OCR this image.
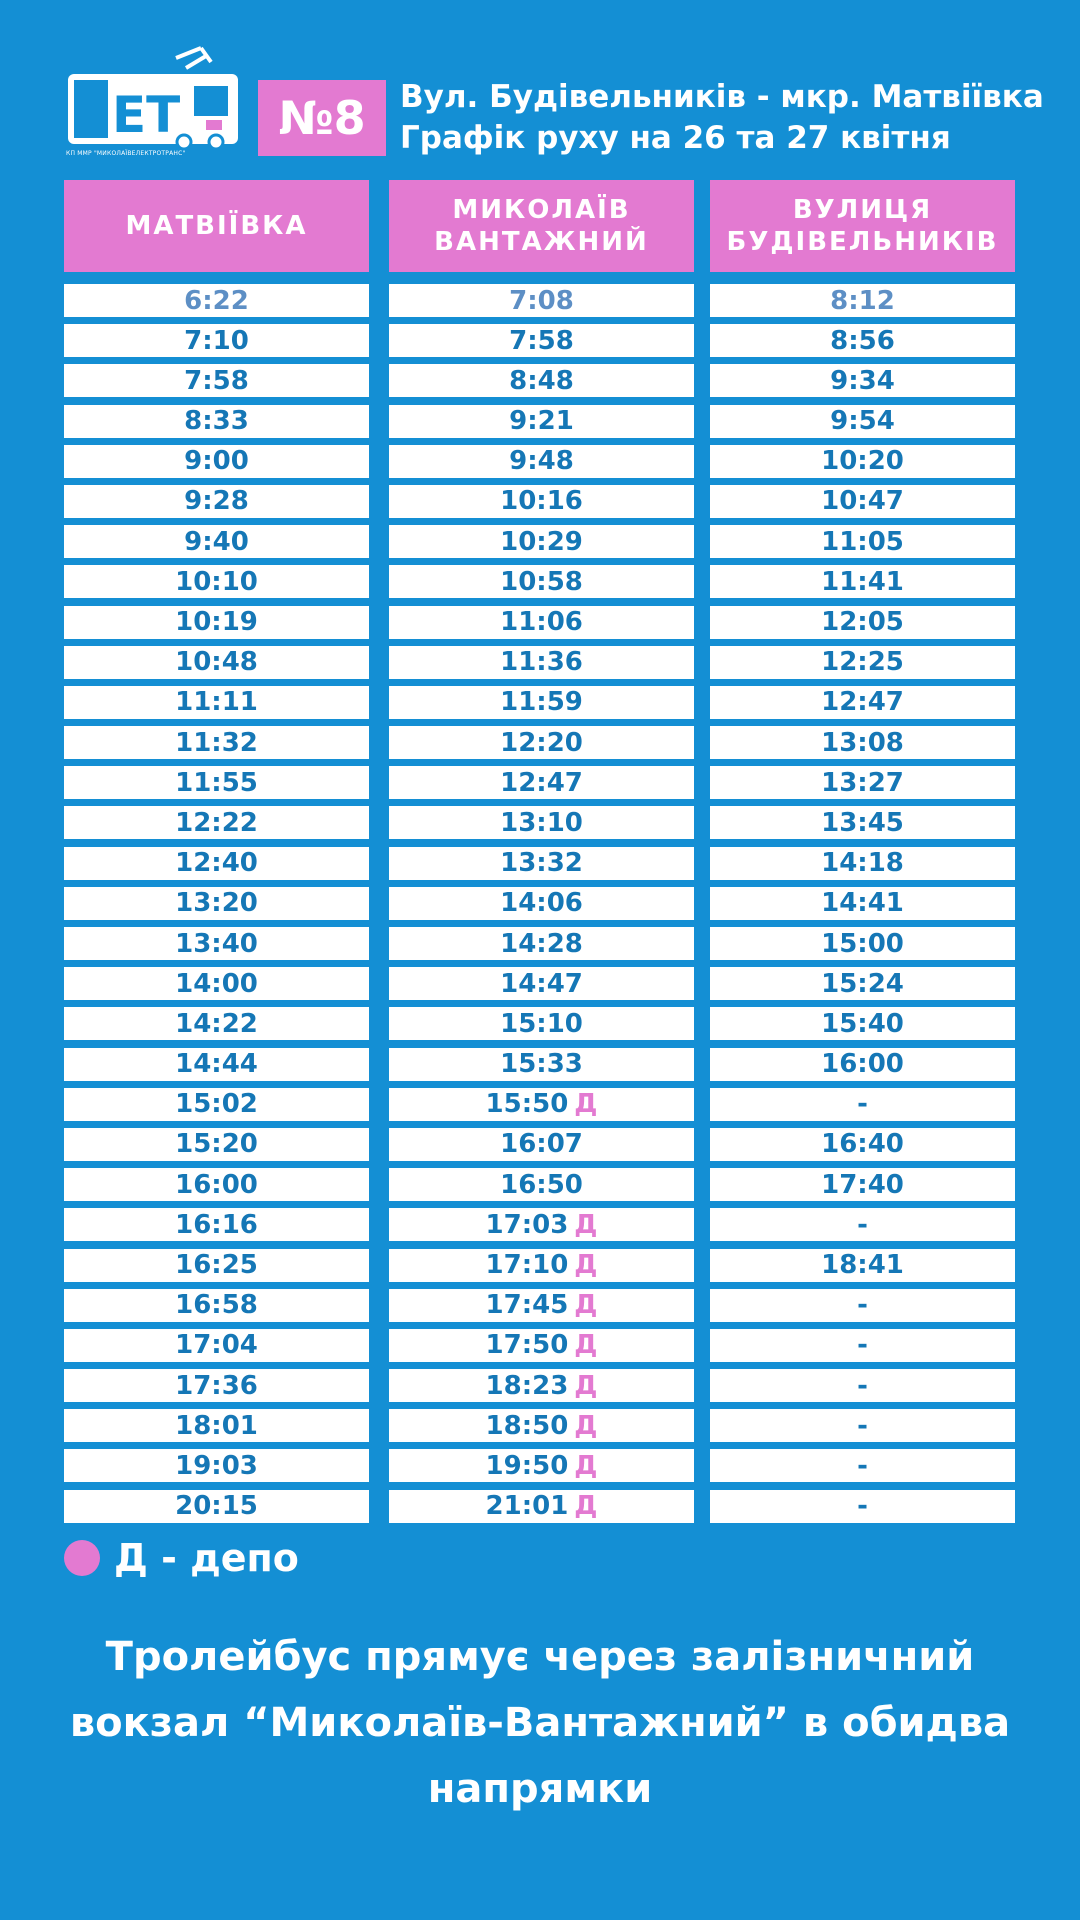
ЕТ
КП ММР "МИКОЛАЇВЕЛЕКТРОТРАНС"
№8	Вул. Будівельників - мкр. Матвіївка
Графік руху на 26 та 27 квітня
МАТВІЇВКА
6:22
7:10
7:58
8:33
9:00
9:28
9:40
10:10
10:19
10:48
11:11
11:32
11:55
12:22
12:40
13:20
13:40
14:00
14:22
14:44
15:02
15:20
16:00
16:16
16:25
16:58
17:04
17:36
18:01
19:03
20:15
МИКОЛАЇВ
ВАНТАЖНИЙ
7:08
7:58
8:48
9:21
9:48
10:16
10:29
10:58
11:06
11:36
11:59
12:20
12:47
13:10
13:32
14:06
14:28
14:47
15:10
15:33
15:50 Д
16:07
16:50
17:03 Д
17:10 Д
17:45 Д
17:50 Д
18:23 Д
18:50 Д
19:50 Д
21:01 Д
ВУЛИЦЯ
БУДІВЕЛЬНИКІВ
8:12
8:56
9:34
9:54
10:20
10:47
11:05
11:41
12:05
12:25
12:47
13:08
13:27
13:45
14:18
14:41
15:00
15:24
15:40
16:00
-
16:40
17:40
-
18:41
-
-
-
-
-
-
Д - депо
Тролейбус прямує через залізничний вокзал “Миколаїв-Вантажний” в обидва напрямки
